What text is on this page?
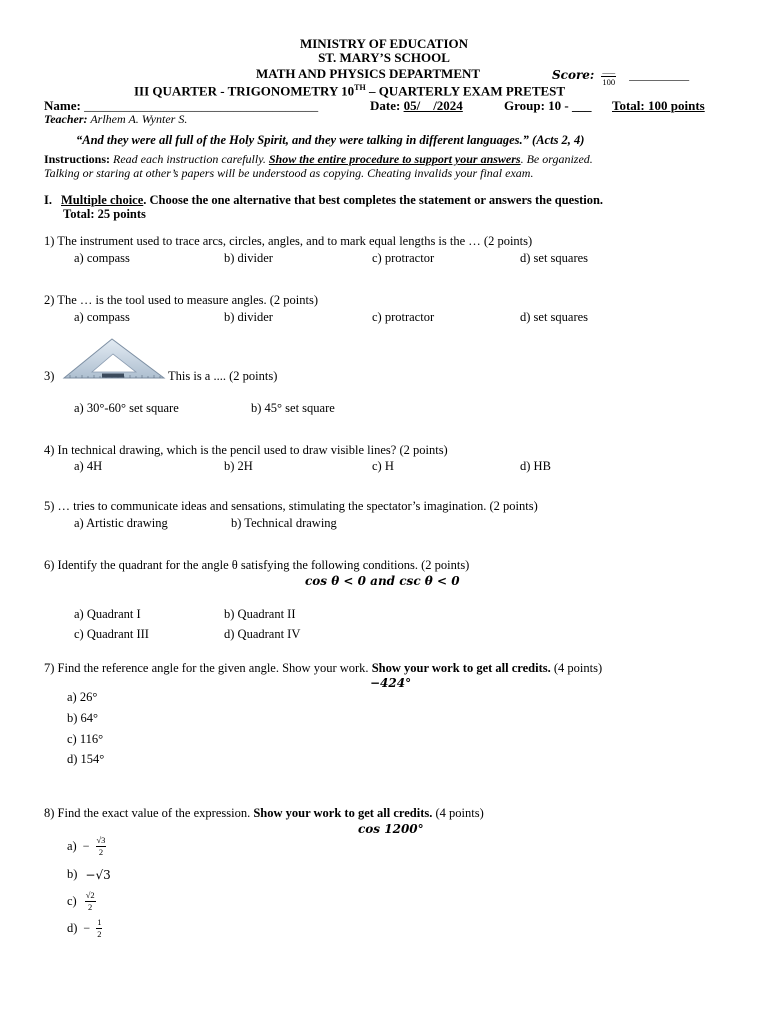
MINISTRY OF EDUCATION
ST. MARY’S SCHOOL
MATH AND PHYSICS DEPARTMENT	Score: $\frac{\_\_\_}{100}$ __________
III QUARTER - TRIGONOMETRY 10TH – QUARTERLY EXAM PRETEST
Name: ____________________________________	Date: 05/__/2024	Group: 10 - ___ Total: 100 points
Teacher: Arlhem A. Wynter S.
“And they were all full of the Holy Spirit, and they were talking in different languages.” (Acts 2, 4)
Instructions: Read each instruction carefully. Show the entire procedure to support your answers. Be organized.
Talking or staring at other’s papers will be understood as copying. Cheating invalids your final exam.
I. Multiple choice. Choose the one alternative that best completes the statement or answers the question.
Total: 25 points
1) The instrument used to trace arcs, circles, angles, and to mark equal lengths is the … (2 points)
a) compass	b) divider	c) protractor	d) set squares
2) The … is the tool used to measure angles. (2 points)
a) compass	b) divider	c) protractor	d) set squares
3)	This is a .... (2 points)
a) 30°-60° set square	b) 45° set square
4) In technical drawing, which is the pencil used to draw visible lines? (2 points)
a) 4H	b) 2H	c) H	d) HB
5) … tries to communicate ideas and sensations, stimulating the spectator’s imagination. (2 points)
a) Artistic drawing	b) Technical drawing
6) Identify the quadrant for the angle θ satisfying the following conditions. (2 points)
cos θ < 0 and csc θ < 0
a) Quadrant I	b) Quadrant II
c) Quadrant III	d) Quadrant IV
7) Find the reference angle for the given angle. Show your work. Show your work to get all credits. (4 points)
−424°
a) 26°
b) 64°
c) 116°
d) 154°
8) Find the exact value of the expression. Show your work to get all credits. (4 points)
cos 1200°
$a) - \frac{√3}{2}$
b) −√3
$c) \frac{√2}{2}$
$d) - \frac{1}{2}$
